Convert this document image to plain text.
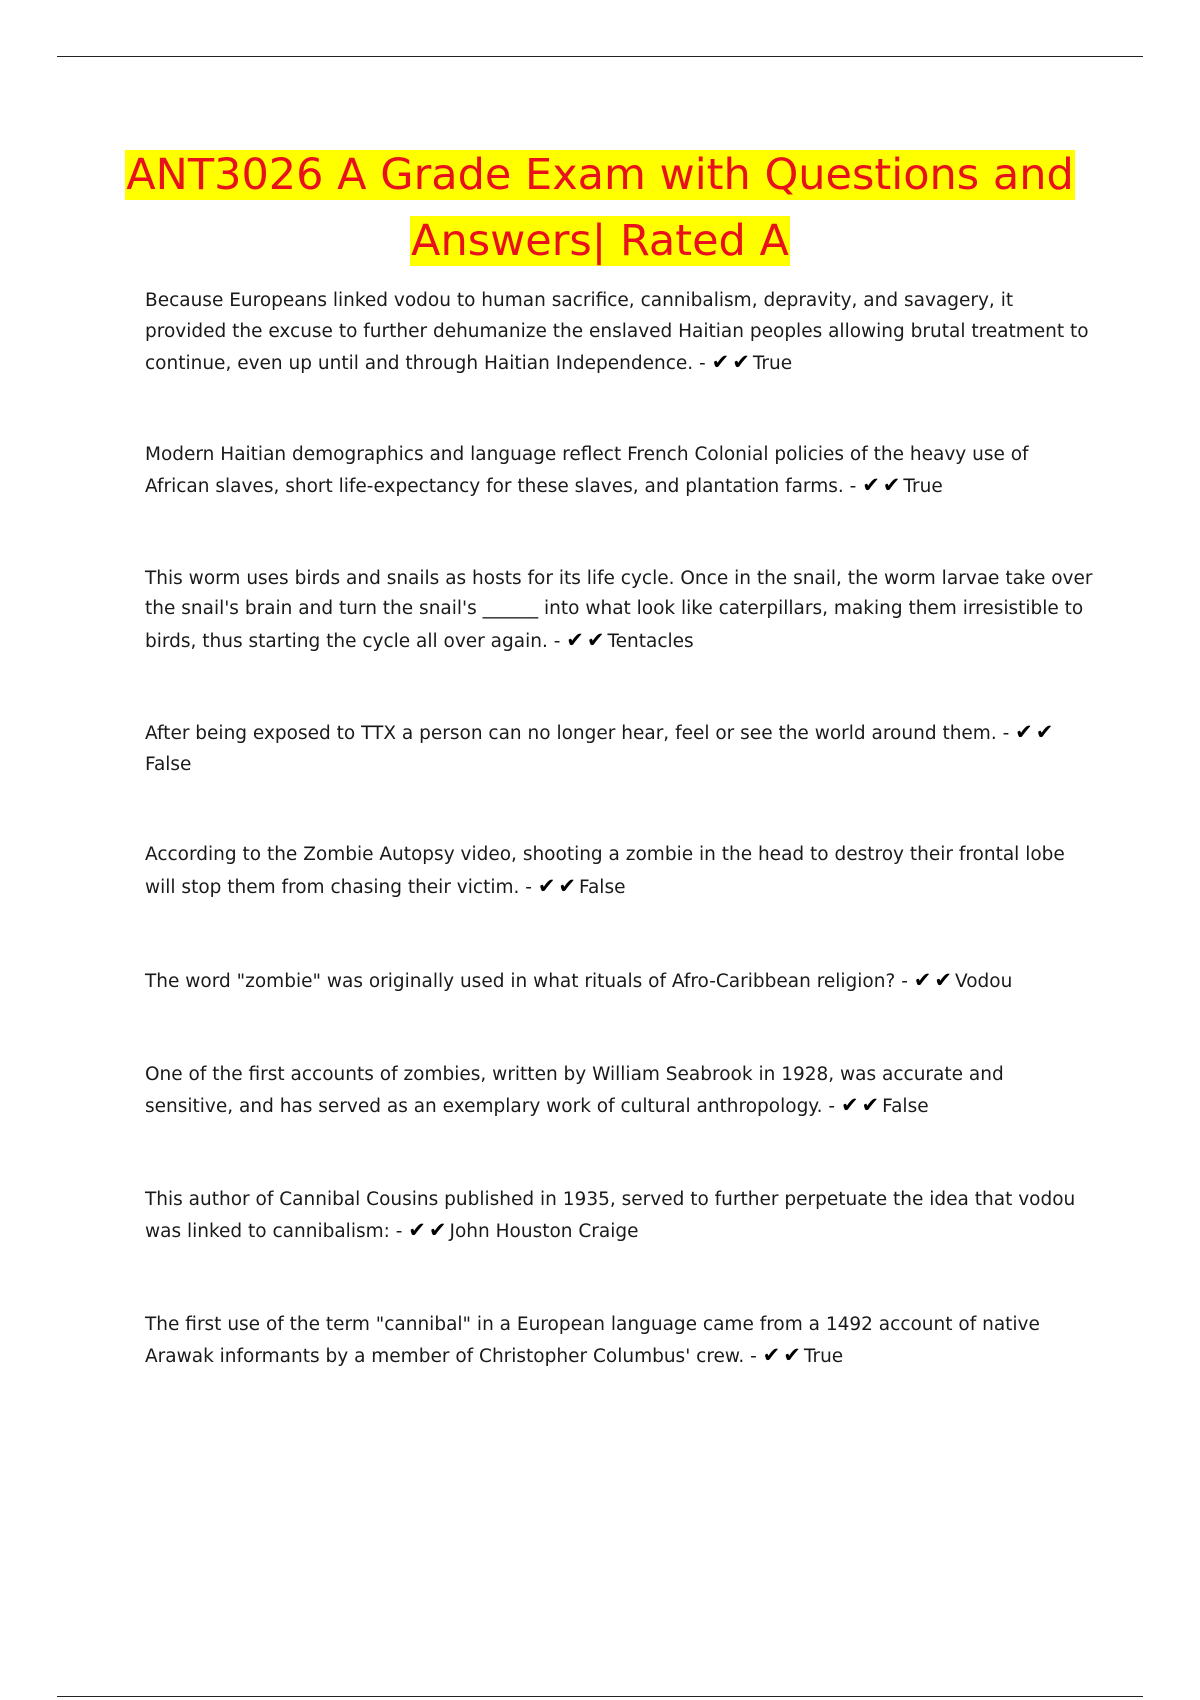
ANT3026 A Grade Exam with Questions and
Answers| Rated A

Because Europeans linked vodou to human sacrifice, cannibalism, depravity, and savagery, it provided the excuse to further dehumanize the enslaved Haitian peoples allowing brutal treatment to continue, even up until and through Haitian Independence. - ✔ ✔ True

Modern Haitian demographics and language reflect French Colonial policies of the heavy use of African slaves, short life-expectancy for these slaves, and plantation farms. - ✔ ✔ True

This worm uses birds and snails as hosts for its life cycle. Once in the snail, the worm larvae take over the snail's brain and turn the snail's ______ into what look like caterpillars, making them irresistible to birds, thus starting the cycle all over again. - ✔ ✔ Tentacles

After being exposed to TTX a person can no longer hear, feel or see the world around them. - ✔ ✔False

According to the Zombie Autopsy video, shooting a zombie in the head to destroy their frontal lobe will stop them from chasing their victim. - ✔ ✔ False

The word "zombie" was originally used in what rituals of Afro-Caribbean religion? - ✔ ✔ Vodou

One of the first accounts of zombies, written by William Seabrook in 1928, was accurate and sensitive, and has served as an exemplary work of cultural anthropology. - ✔ ✔ False

This author of Cannibal Cousins published in 1935, served to further perpetuate the idea that vodou was linked to cannibalism: - ✔ ✔ John Houston Craige

The first use of the term "cannibal" in a European language came from a 1492 account of native Arawak informants by a member of Christopher Columbus' crew. - ✔ ✔ True
